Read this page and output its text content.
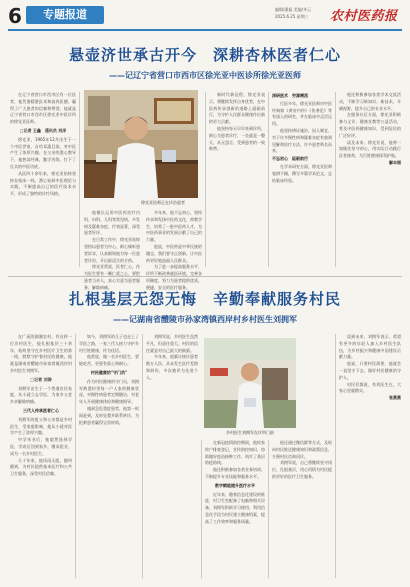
6	专题报道	编辑/潘磊 美编/齐云
2025.6.25 星期三 农村医药报
悬壶济世承古开今　深耕杏林医者仁心
——记辽宁省营口市西市区徐光亚中医诊所徐光亚医师

在辽宁省营口市西市区有一位医者，他凭借精湛医术和高尚医德，赢得了广大患者的信赖和赞誉。他就是辽宁省营口市西市区徐光亚中医诊所的徐光亚医师。

□记者 王鑫　通讯员 刘洋

徐光亚，1965年12月出生于一个中医世家，自幼耳濡目染，对中医产生了浓厚兴趣。在父亲的悉心教导下，他熟读经典，勤学苦练，打下了扎实的中医功底。

从医四十余年来，徐光亚始终坚持在临床一线，潜心钻研中医理论与实践，不断提高自己的医疗技术水平，形成了独特的诊疗风格。

徐光亚医师正在诊治患者

他擅长运用中医药治疗内科、妇科、儿科等常见病、多发病及疑难杂症，疗效显著，深受患者好评。

在日常工作中，徐光亚始终坚持以患者为中心，耐心倾听患者诉求，认真细致地为每一位患者诊治，开出最适合的方药。

徐光亚常说，医者仁心，作为医生要有一颗仁爱之心，要把患者当亲人，真心实意为患者服务，解除病痛。

多年来，他不忘初心，坚持传承和发扬中医药文化，带教学生，培养了一批中医药人才，为中医药事业的发展贡献了自己的力量。

他说，中医药是中华民族的瑰宝，我们要守正创新，让中医药更好地造福人民群众。

为了进一步提高服务水平，诊所不断改善就医环境，完善各项制度，努力为患者提供优质、便捷、安全的医疗服务。

新时代新征程，徐光亚表示，将继续发挥自身优势，在中医药传承创新的道路上砥砺前行，为守护人民群众健康作出新的更大贡献。

他坚持每天早早来到诊所，耐心为患者诊疗，一坐就是一整天，从无怨言，受到患者的一致称赞。

深研医术　穷源溯流

行医多年，徐光亚医师对中医经典如《黄帝内经》《伤寒论》等有深入的研究，并在临床中灵活运用。

他坚持辨证施治，因人制宜，对于许多慢性病和疑难杂症有独到见解和治疗方法，许多患者慕名而来。

不忘初心　砥砺前行

在学术研究方面，徐光亚医师笔耕不辍，撰写多篇学术论文，总结临床经验。

他还积极参加各类学术交流活动，不断学习新知识、新技术，开阔视野，提升自己的专业水平。

在服务社区方面，徐光亚积极参与义诊、健康宣教等公益活动，普及中医药健康知识，受到居民的广泛好评。

谈及未来，徐光亚说，他将一如既往坚守初心，用实际行动践行医者使命，为百姓健康保驾护航。

解丰丽

扎根基层无怨无悔　辛勤奉献服务村民
——记湖南省醴陵市孙家湾镇西岸村乡村医生刘拥军

在广袤的湖湘农村，有这样一位乡村医生，他扎根基层三十余年，始终坚守在乡村医疗卫生的第一线，默默守护着村民的健康。他就是湖南省醴陵市孙家湾镇西岸村乡村医生刘拥军。

□记者 刘涛

刘拥军出生于一个普通农民家庭，从小就立志学医，为家乡父老乡亲解除病痛。

三代人传承医者仁心

刘拥军的祖父和父亲都是乡村医生，受家庭影响，他从小就对医学产生了浓厚兴趣。

中学毕业后，他毅然选择学医，学成后回到家乡，继承祖业，成为一名乡村医生。

几十年来，他风雨无阻，随叫随到，为村民提供基本医疗和公共卫生服务，深受村民信赖。

如今，刘拥军的儿子也走上了学医之路，一家三代人接力守护乡村百姓健康，传为佳话。

他常说，做一名乡村医生，要能吃苦，更要有爱心和耐心。

村民健康的"守门员"

作为村民健康的守门员，刘拥军熟悉村里每一户人家的健康状况，对慢性病患者定期随访，对老年人开展健康体检和健康指导。

遇到急危重症患者，他第一时间赶到，及时处置并联系转诊，为抢救患者赢得宝贵时间。

刘拥军说，乡村医生虽然平凡，但责任重大，村民的信任就是对自己最大的鼓励。

多年来，他累计接诊患者数万人次，从未发生医疗差错和纠纷，多次被评为先进个人。

乡村医生刘拥军在诊所门前

在新冠疫情防控期间，他挨家挨户排查登记，宣传防控知识，协助做好疫苗接种工作，筑牢了基层防疫防线。

他还积极参加各类业务培训，不断提升专业技能和服务水平。

数字赋能提升医疗水平

近年来，随着信息化建设的推进，村卫生室配备了电脑和相关设备，刘拥军积极学习使用，利用信息化手段为村民建立健康档案，提高了工作效率和服务质量。

他还通过微信群等方式，及时向村民推送健康知识和政策信息，方便村民咨询问诊。

刘拥军说，自己将继续坚守岗位，扎根基层，用心用情为村民提供更好的医疗卫生服务。

谈到未来，刘拥军表示，希望有更多的年轻人加入乡村医生队伍，为乡村振兴和健康中国建设贡献力量。

他说，只要村民需要，他就会一直坚守下去，做好村民健康的守护人。

村民们都说，有刘医生在，大家心里就踏实。

张燕燕
